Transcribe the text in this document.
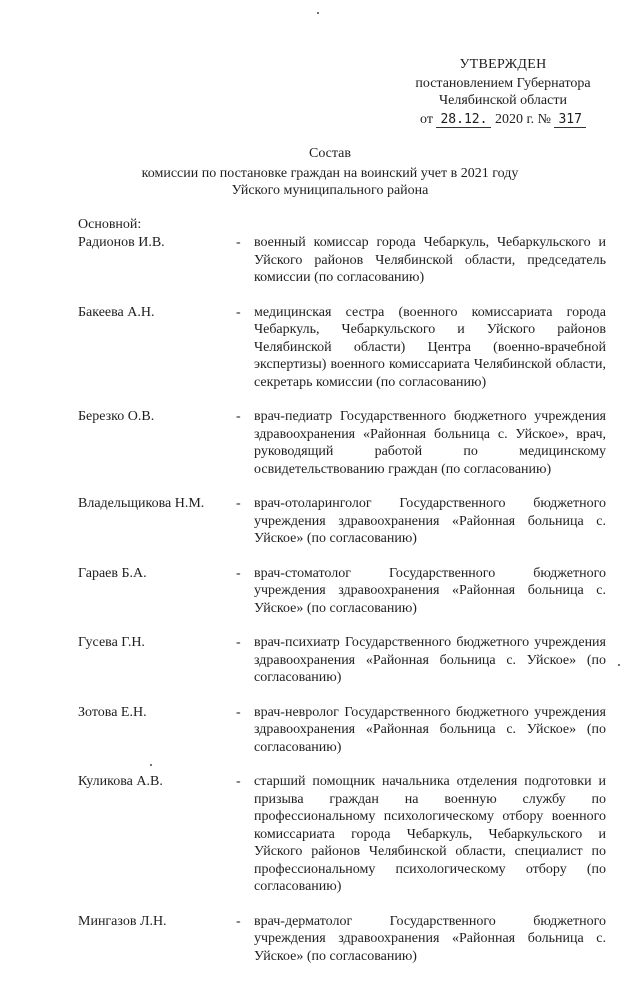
УТВЕРЖДЕН
постановлением Губернатора
Челябинской области
от 28.12. 2020 г. № 317
Состав
комиссии по постановке граждан на воинский учет в 2021 году
Уйского муниципального района
Основной:
Радионов И.В.	- военный комиссар города Чебаркуль, Чебаркульского и Уйского районов Челябинской области, председатель комиссии (по согласованию)
Бакеева А.Н.	- медицинская сестра (военного комиссариата города Чебаркуль, Чебаркульского и Уйского районов Челябинской области) Центра (военно-врачебной экспертизы) военного комиссариата Челябинской области, секретарь комиссии (по согласованию)
Березко О.В.	- врач-педиатр Государственного бюджетного учреждения здравоохранения «Районная больница с. Уйское», врач, руководящий работой по медицинскому освидетельствованию граждан (по согласованию)
Владельщикова Н.М.	- врач-отоларинголог Государственного бюджетного учреждения здравоохранения «Районная больница с. Уйское» (по согласованию)
Гараев Б.А.	- врач-стоматолог Государственного бюджетного учреждения здравоохранения «Районная больница с. Уйское» (по согласованию)
Гусева Г.Н.	- врач-психиатр Государственного бюджетного учреждения здравоохранения «Районная больница с. Уйское» (по согласованию)
Зотова Е.Н.	- врач-невролог Государственного бюджетного учреждения здравоохранения «Районная больница с. Уйское» (по согласованию)
Куликова А.В.	- старший помощник начальника отделения подготовки и призыва граждан на военную службу по профессиональному психологическому отбору военного комиссариата города Чебаркуль, Чебаркульского и Уйского районов Челябинской области, специалист по профессиональному психологическому отбору (по согласованию)
Мингазов Л.Н.	- врач-дерматолог Государственного бюджетного учреждения здравоохранения «Районная больница с. Уйское» (по согласованию)
